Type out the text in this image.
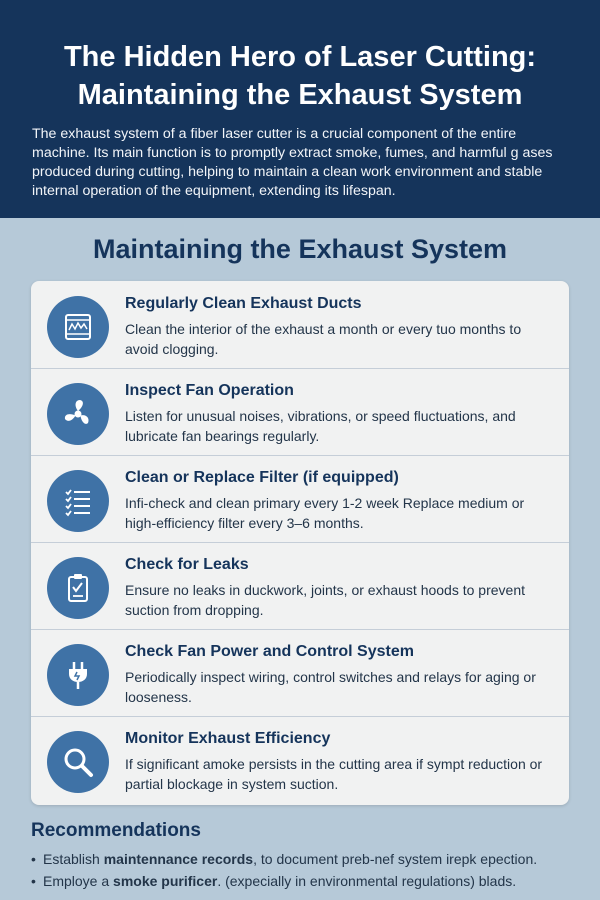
The Hidden Hero of Laser Cutting:
Maintaining the Exhaust System
The exhaust system of a fiber laser cutter is a crucial component of the entire machine. Its main function is to promptly extract smoke, fumes, and harmful g ases produced during cutting, helping to maintain a clean work environment and stable internal operation of the equipment, extending its lifespan.
Maintaining the Exhaust System
Regularly Clean Exhaust Ducts
Clean the interior of the exhaust a month or every tuo months to avoid clogging.
Inspect Fan Operation
Listen for unusual noises, vibrations, or speed fluctuations, and lubricate fan bearings regularly.
Clean or Replace Filter (if equipped)
Infi-check and clean primary every 1-2 week Replace medium or high-efficiency filter every 3–6 months.
Check for Leaks
Ensure no leaks in duckwork, joints, or exhaust hoods to prevent suction from dropping.
Check Fan Power and Control System
Periodically inspect wiring, control switches and relays for aging or looseness.
Monitor Exhaust Efficiency
If significant amoke persists in the cutting area if sympt reduction or partial blockage in system suction.
Recommendations
• Establish maintennance records, to document preb-nef system irepk epection.
• Employe a smoke purificer. (expecially in environmental regulations) blads.
